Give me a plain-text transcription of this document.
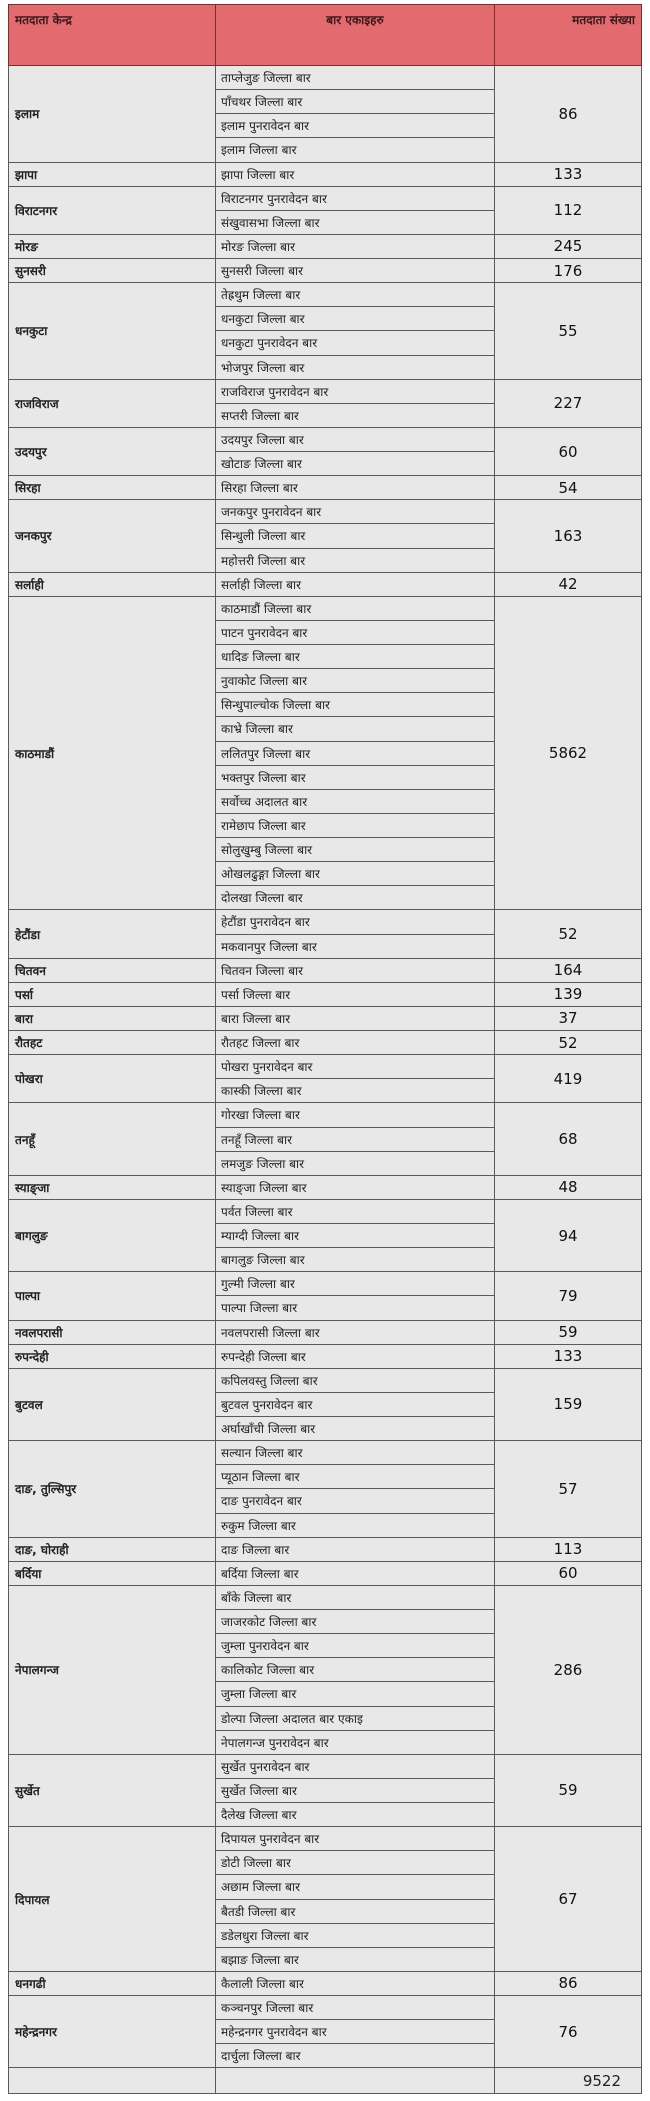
मतदाता केन्द्र	बार एकाइहरु	मतदाता संख्या
इलाम	ताप्लेजुङ जिल्ला बार	86
	पाँचथर जिल्ला बार	
	इलाम पुनरावेदन बार	
	इलाम जिल्ला बार	
झापा	झापा जिल्ला बार	133
विराटनगर	विराटनगर पुनरावेदन बार	112
	संखुवासभा जिल्ला बार	
मोरङ	मोरङ जिल्ला बार	245
सुनसरी	सुनसरी जिल्ला बार	176
धनकुटा	तेह्रथुम जिल्ला बार	55
	धनकुटा जिल्ला बार	
	धनकुटा पुनरावेदन बार	
	भोजपुर जिल्ला बार	
राजविराज	राजविराज पुनरावेदन बार	227
	सप्तरी जिल्ला बार	
उदयपुर	उदयपुर जिल्ला बार	60
	खोटाङ जिल्ला बार	
सिरहा	सिरहा जिल्ला बार	54
जनकपुर	जनकपुर पुनरावेदन बार	163
	सिन्धुली जिल्ला बार	
	महोत्तरी जिल्ला बार	
सर्लाही	सर्लाही जिल्ला बार	42
काठमाडौं	काठमाडौं जिल्ला बार	5862
	पाटन पुनरावेदन बार	
	धादिङ जिल्ला बार	
	नुवाकोट जिल्ला बार	
	सिन्धुपाल्चोक जिल्ला बार	
	काभ्रे जिल्ला बार	
	ललितपुर जिल्ला बार	
	भक्तपुर जिल्ला बार	
	सर्वोच्च अदालत बार	
	रामेछाप जिल्ला बार	
	सोलुखुम्बु जिल्ला बार	
	ओखलढुङ्गा जिल्ला बार	
	दोलखा जिल्ला बार	
हेटौंडा	हेटौंडा पुनरावेदन बार	52
	मकवानपुर जिल्ला बार	
चितवन	चितवन जिल्ला बार	164
पर्सा	पर्सा जिल्ला बार	139
बारा	बारा जिल्ला बार	37
रौतहट	रौतहट जिल्ला बार	52
पोखरा	पोखरा पुनरावेदन बार	419
	कास्की जिल्ला बार	
तनहूँ	गोरखा जिल्ला बार	68
	तनहूँ जिल्ला बार	
	लमजुङ जिल्ला बार	
स्याङ्जा	स्याङ्जा जिल्ला बार	48
बागलुङ	पर्वत जिल्ला बार	94
	म्याग्दी जिल्ला बार	
	बागलुङ जिल्ला बार	
पाल्पा	गुल्मी जिल्ला बार	79
	पाल्पा जिल्ला बार	
नवलपरासी	नवलपरासी जिल्ला बार	59
रुपन्देही	रुपन्देही जिल्ला बार	133
बुटवल	कपिलवस्तु जिल्ला बार	159
	बुटवल पुनरावेदन बार	
	अर्घाखाँची जिल्ला बार	
दाङ, तुल्सिपुर	सल्यान जिल्ला बार	57
	प्यूठान जिल्ला बार	
	दाङ पुनरावेदन बार	
	रुकुम जिल्ला बार	
दाङ, घोराही	दाङ जिल्ला बार	113
बर्दिया	बर्दिया जिल्ला बार	60
नेपालगन्ज	बाँके जिल्ला बार	286
	जाजरकोट जिल्ला बार	
	जुम्ला पुनरावेदन बार	
	कालिकोट जिल्ला बार	
	जुम्ला जिल्ला बार	
	डोल्पा जिल्ला अदालत बार एकाइ	
	नेपालगन्ज पुनरावेदन बार	
सुर्खेत	सुर्खेत पुनरावेदन बार	59
	सुर्खेत जिल्ला बार	
	दैलेख जिल्ला बार	
दिपायल	दिपायल पुनरावेदन बार	67
	डोटी जिल्ला बार	
	अछाम जिल्ला बार	
	बैतडी जिल्ला बार	
	डडेलधुरा जिल्ला बार	
	बझाङ जिल्ला बार	
धनगढी	कैलाली जिल्ला बार	86
महेन्द्रनगर	कञ्चनपुर जिल्ला बार	76
	महेन्द्रनगर पुनरावेदन बार	
	दार्चुला जिल्ला बार	
		9522
